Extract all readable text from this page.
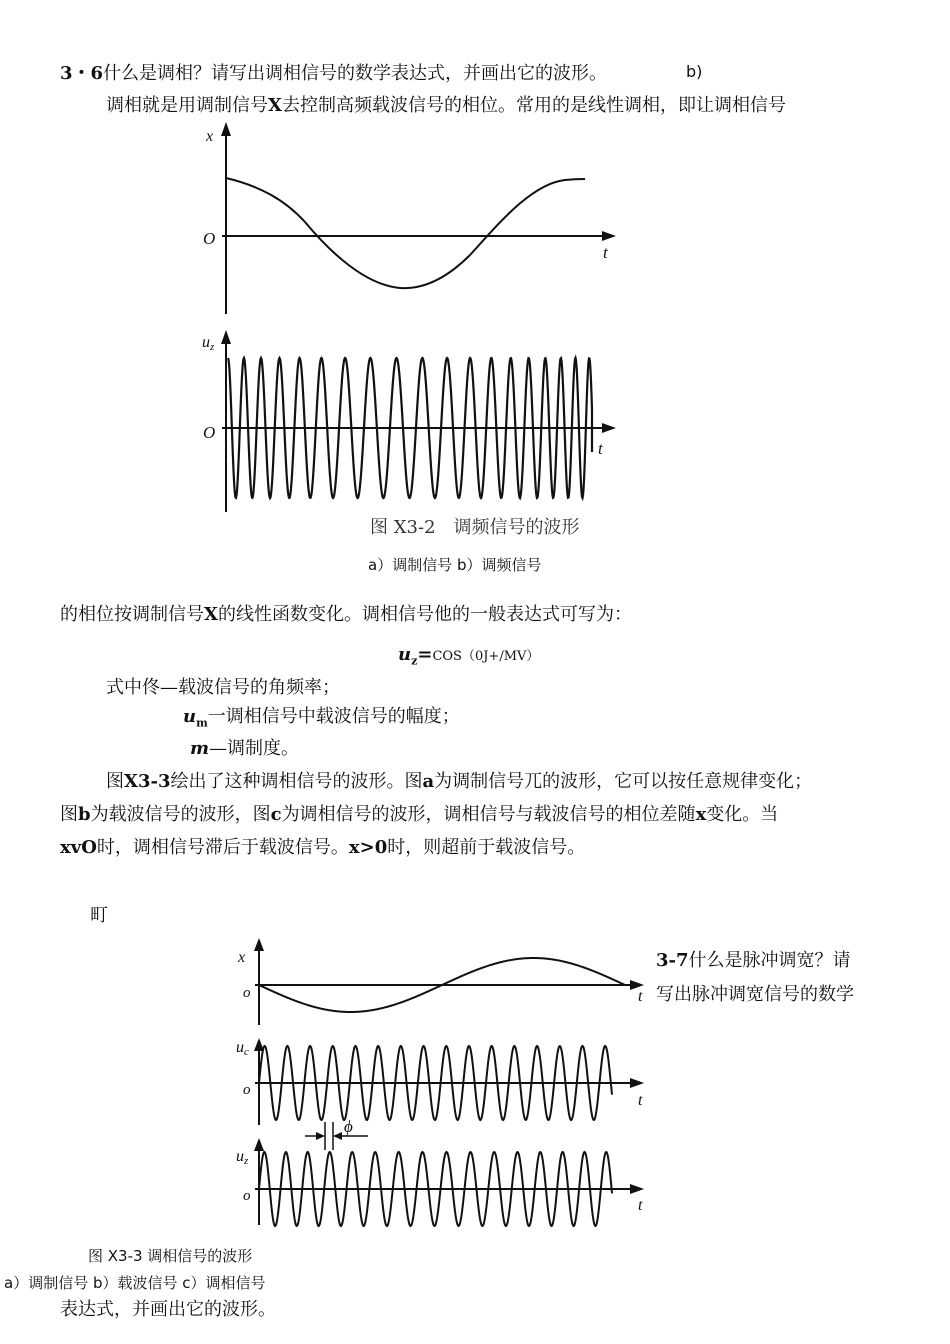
3・6什么是调相？请写出调相信号的数学表达式，并画出它的波形。	b)
调相就是用调制信号X去控制高频载波信号的相位。常用的是线性调相，即让调相信号
x
O
t
uz
O
t
图 X3-2　调频信号的波形
a）调制信号 b）调频信号
的相位按调制信号X的线性函数变化。调相信号他的一般表达式可写为：
$u_z=COS(0J+/MV)$
式中佟—载波信号的角频率；
$u_m$一调相信号中载波信号的幅度；
m—调制度。
图X3-3绘出了这种调相信号的波形。图a为调制信号兀的波形，它可以按任意规律变化；
图b为载波信号的波形，图c为调相信号的波形，调相信号与载波信号的相位差随x变化。当
xvO时，调相信号滞后于载波信号。x>0时，则超前于载波信号。
町
x
o	t
uc
o
t
ϕ
uz
o
t
3-7什么是脉冲调宽？请
写出脉冲调宽信号的数学
图 X3-3 调相信号的波形
a）调制信号 b）载波信号 c）调相信号
表达式，并画出它的波形。
